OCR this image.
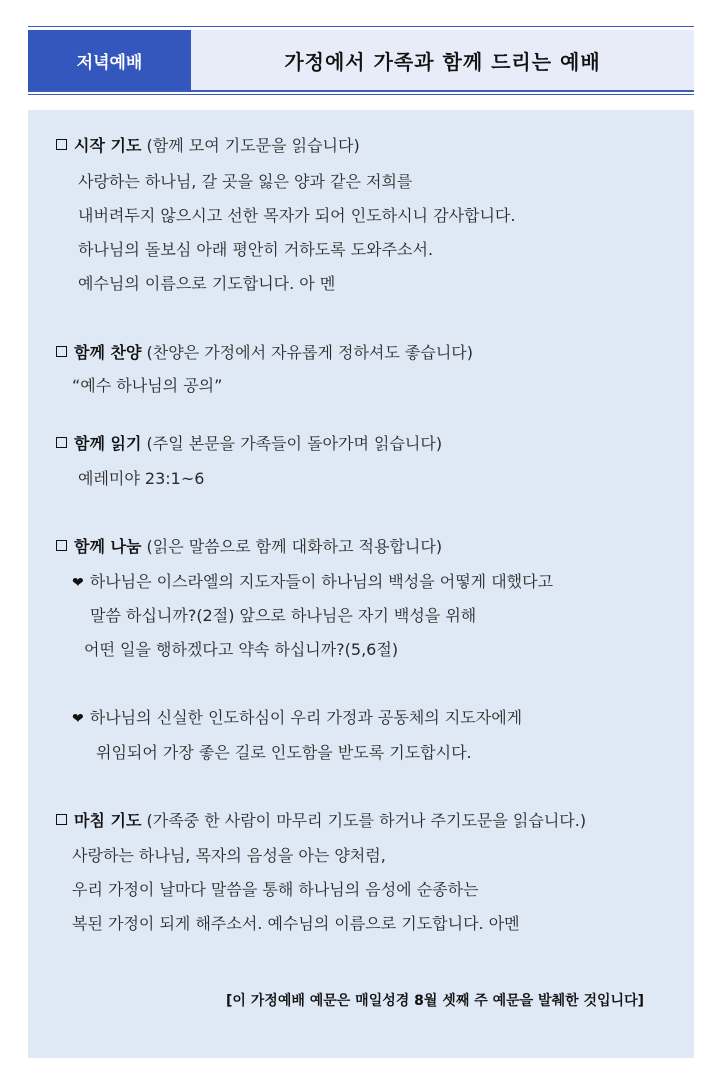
저녁예배	가정에서 가족과 함께 드리는 예배
시작 기도 (함께 모여 기도문을 읽습니다)
사랑하는 하나님, 갈 곳을 잃은 양과 같은 저희를
내버려두지 않으시고 선한 목자가 되어 인도하시니 감사합니다.
하나님의 돌보심 아래 평안히 거하도록 도와주소서.
예수님의 이름으로 기도합니다. 아 멘
함께 찬양 (찬양은 가정에서 자유롭게 정하셔도 좋습니다)
“예수 하나님의 공의”
함께 읽기 (주일 본문을 가족들이 돌아가며 읽습니다)
예레미야 23:1~6
함께 나눔 (읽은 말씀으로 함께 대화하고 적용합니다)
❤ 하나님은 이스라엘의 지도자들이 하나님의 백성을 어떻게 대했다고
말씀 하십니까?(2절) 앞으로 하나님은 자기 백성을 위해
어떤 일을 행하겠다고 약속 하십니까?(5,6절)
❤ 하나님의 신실한 인도하심이 우리 가정과 공동체의 지도자에게
위임되어 가장 좋은 길로 인도함을 받도록 기도합시다.
마침 기도 (가족중 한 사람이 마무리 기도를 하거나 주기도문을 읽습니다.)
사랑하는 하나님, 목자의 음성을 아는 양처럼,
우리 가정이 날마다 말씀을 통해 하나님의 음성에 순종하는
복된 가정이 되게 해주소서. 예수님의 이름으로 기도합니다. 아멘
[이 가정예배 예문은 매일성경 8월 셋째 주 예문을 발췌한 것입니다]
